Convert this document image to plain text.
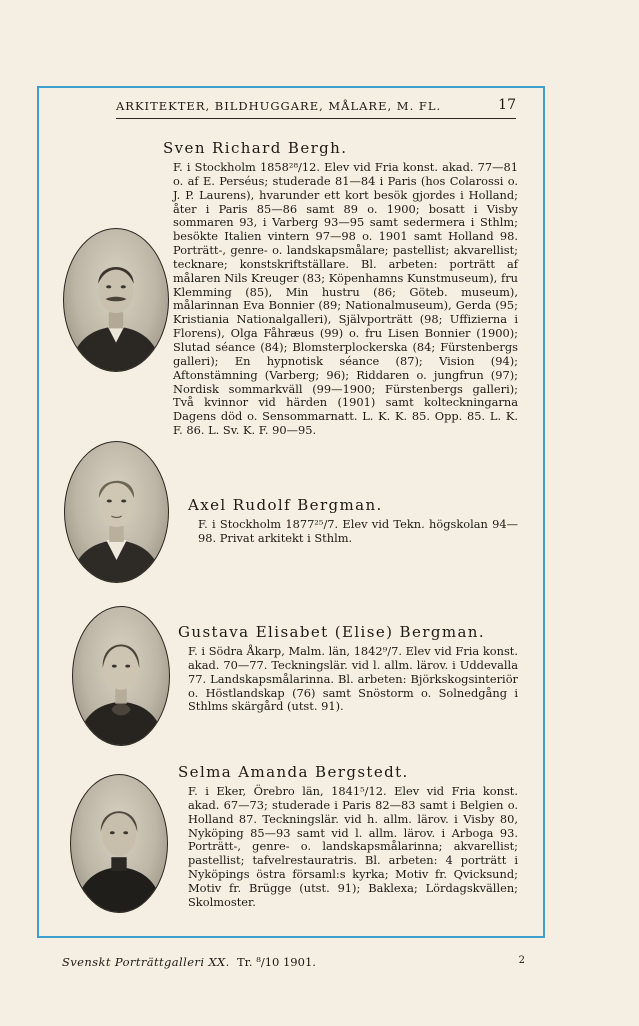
ARKITEKTER, BILDHUGGARE, MÅLARE, M. FL.	17
Sven Richard Bergh.

F. i Stockholm 1858²⁸/12. Elev vid Fria konst. akad. 77—81 o. af E. Perséus; studerade 81—84 i Paris (hos Colarossi o. J. P. Laurens), hvarunder ett kort besök gjordes i Holland; åter i Paris 85—86 samt 89 o. 1900; bosatt i Visby sommaren 93, i Varberg 93—95 samt sedermera i Sthlm; besökte Italien vintern 97—98 o. 1901 samt Holland 98. Porträtt-, genre- o. landskapsmålare; pastellist; akvarellist; tecknare; konstskriftställare. Bl. arbeten: porträtt af målaren Nils Kreuger (83; Köpenhamns Kunstmuseum), fru Klemming (85), Min hustru (86; Göteb. museum), målarinnan Eva Bonnier (89; Nationalmuseum), Gerda (95; Kristiania Nationalgalleri), Självporträtt (98; Uffizierna i Florens), Olga Fåhræus (99) o. fru Lisen Bonnier (1900); Slutad séance (84); Blomsterplockerska (84; Fürstenbergs galleri); En hypnotisk séance (87); Vision (94); Aftonstämning (Varberg; 96); Riddaren o. jungfrun (97); Nordisk sommarkväll (99—1900; Fürstenbergs galleri); Två kvinnor vid härden (1901) samt kolteckningarna Dagens död o. Sensommarnatt. L. K. K. 85. Opp. 85. L. K. F. 86. L. Sv. K. F. 90—95.

Axel Rudolf Bergman.

F. i Stockholm 1877²⁵/7. Elev vid Tekn. högskolan 94—98. Privat arkitekt i Sthlm.

Gustava Elisabet (Elise) Bergman.

F. i Södra Åkarp, Malm. län, 1842⁹/7. Elev vid Fria konst. akad. 70—77. Teckningslär. vid l. allm. lärov. i Uddevalla 77. Landskapsmålarinna. Bl. arbeten: Björkskogsinteriör o. Höstlandskap (76) samt Snöstorm o. Solnedgång i Sthlms skärgård (utst. 91).

Selma Amanda Bergstedt.

F. i Eker, Örebro län, 1841⁵/12. Elev vid Fria konst. akad. 67—73; studerade i Paris 82—83 samt i Belgien o. Holland 87. Teckningslär. vid h. allm. lärov. i Visby 80, Nyköping 85—93 samt vid l. allm. lärov. i Arboga 93. Porträtt-, genre- o. landskapsmålarinna; akvarellist; pastellist; tafvelrestauratris. Bl. arbeten: 4 porträtt i Nyköpings östra församl:s kyrka; Motiv fr. Qvicksund; Motiv fr. Brügge (utst. 91); Baklexa; Lördagskvällen; Skolmoster.

Svenskt Porträttgalleri XX. Tr. ⁸/10 1901.	2
